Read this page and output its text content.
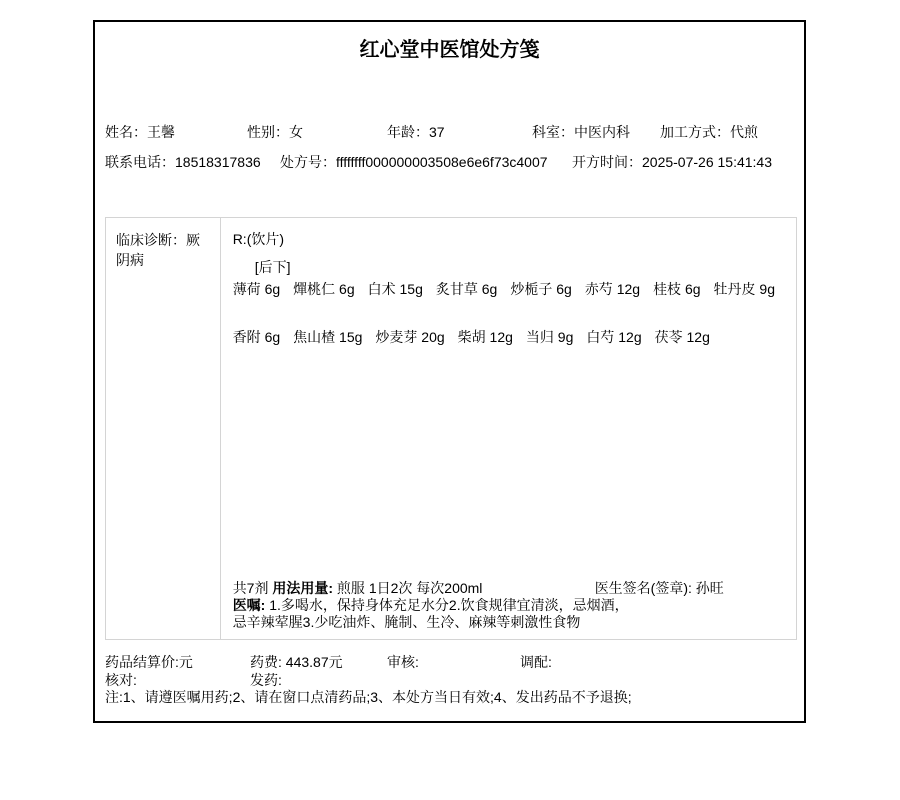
红心堂中医馆处方笺
姓名：王馨	性别：女	年龄：37	科室：中医内科 加工方式：代煎
联系电话：18518317836 处方号：ffffffff000000003508e6e6f73c4007 开方时间：2025-07-26 15:41:43
临床诊断：厥阴病
R:(饮片)
[后下]
薄荷 6g 燀桃仁 6g 白术 15g 炙甘草 6g 炒栀子 6g 赤芍 12g 桂枝 6g 牡丹皮 9g
香附 6g 焦山楂 15g 炒麦芽 20g 柴胡 12g 当归 9g 白芍 12g 茯苓 12g
共7剂 用法用量: 煎服 1日2次 每次200ml	医生签名(签章): 孙旺
医嘱: 1.多喝水，保持身体充足水分2.饮食规律宜清淡，忌烟酒，
忌辛辣荤腥3.少吃油炸、腌制、生冷、麻辣等刺激性食物
药品结算价:元	药费: 443.87元	审核:	调配:
核对:	发药:
注:1、请遵医嘱用药;2、请在窗口点清药品;3、本处方当日有效;4、发出药品不予退换;
